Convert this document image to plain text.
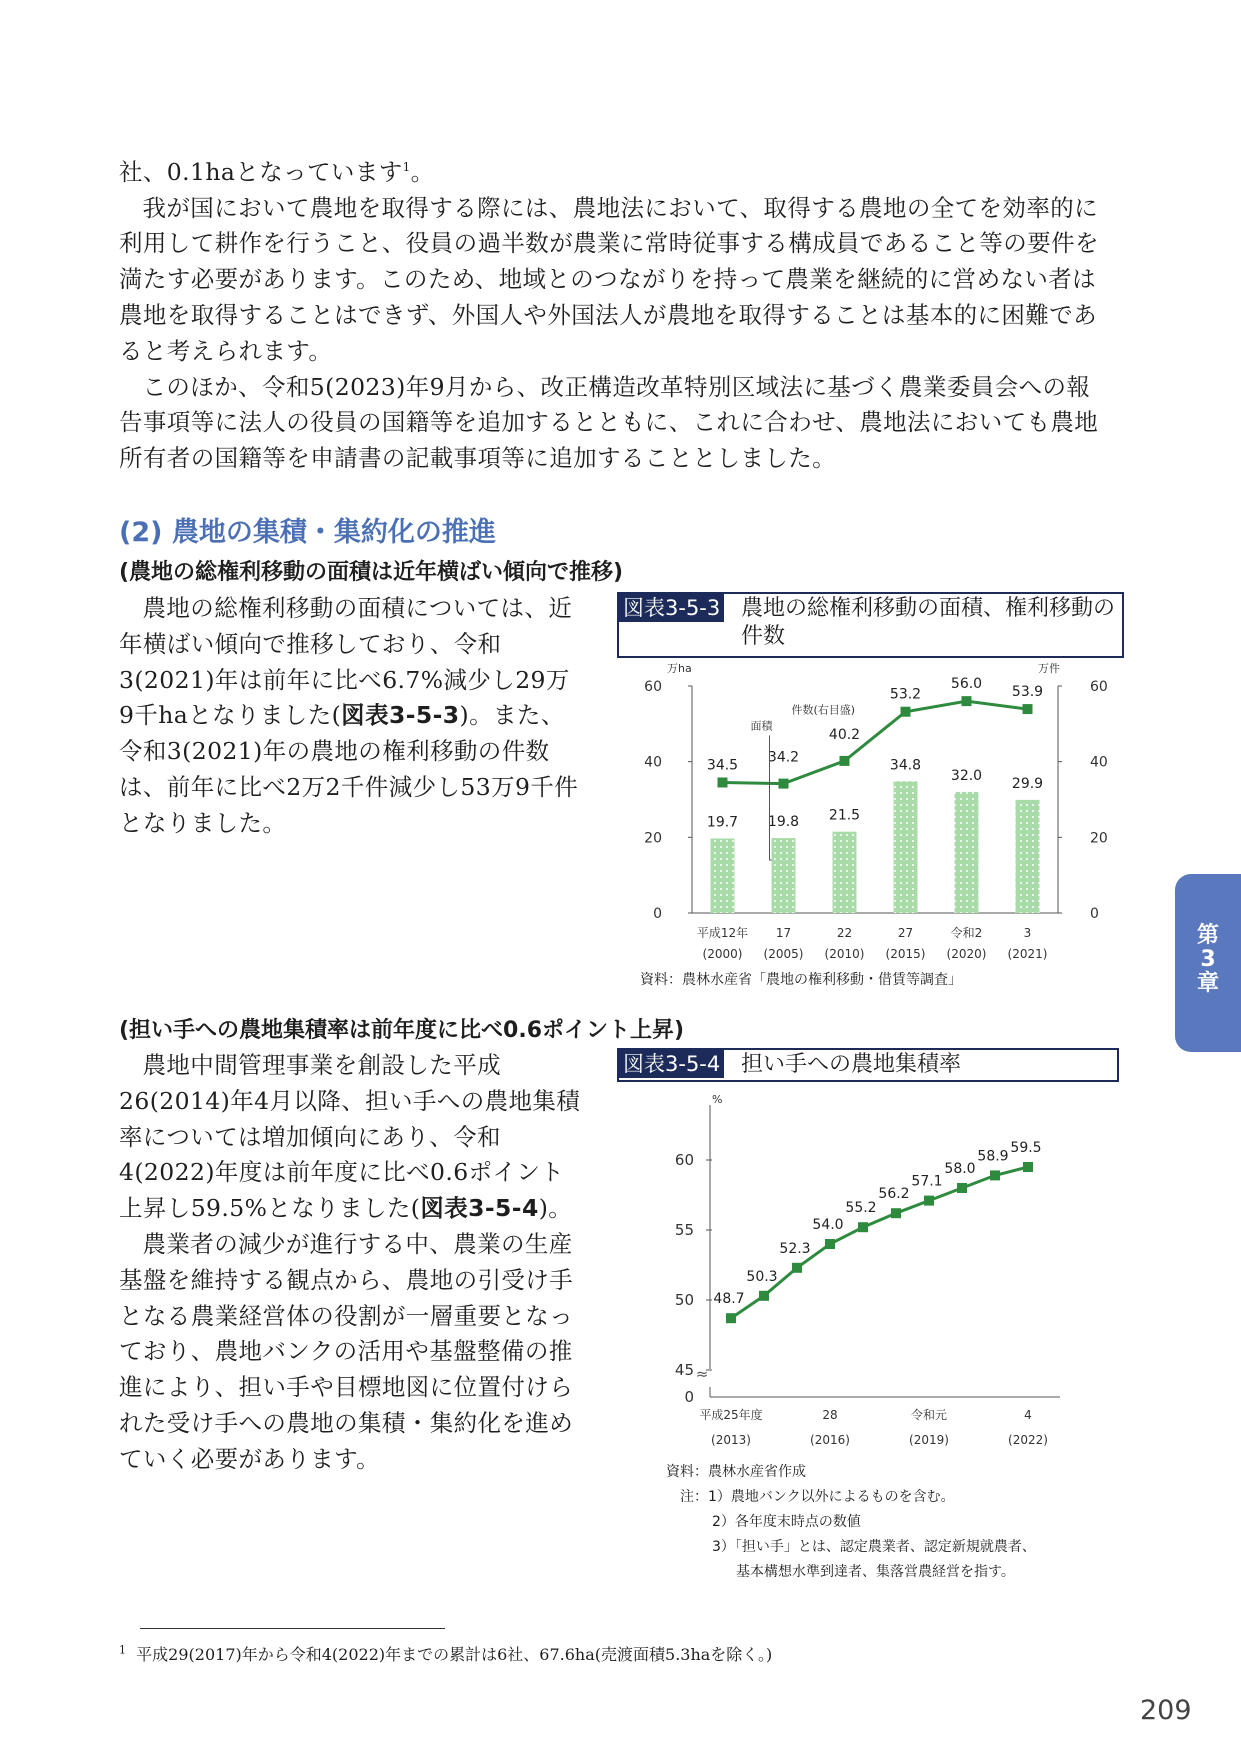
社、0.1haとなっています$^1$。

我が国において農地を取得する際には、農地法において、取得する農地の全てを効率的に利用して耕作を行うこと、役員の過半数が農業に常時従事する構成員であること等の要件を満たす必要があります。このため、地域とのつながりを持って農業を継続的に営めない者は農地を取得することはできず、外国人や外国法人が農地を取得することは基本的に困難であると考えられます。

このほか、令和5(2023)年9月から、改正構造改革特別区域法に基づく農業委員会への報告事項等に法人の役員の国籍等を追加するとともに、これに合わせ、農地法においても農地所有者の国籍等を申請書の記載事項等に追加することとしました。

(2) 農地の集積・集約化の推進
(農地の総権利移動の面積は近年横ばい傾向で推移)

農地の総権利移動の面積については、近年横ばい傾向で推移しており、令和3(2021)年は前年に比べ6.7%減少し29万9千haとなりました(図表3-5-3)。また、令和3(2021)年の農地の権利移動の件数は、前年に比べ2万2千件減少し53万9千件となりました。

図表3-5-3 農地の総権利移動の面積、権利移動の件数
万ha	万件
0	0
20	20
40	40
60	60
19.7 19.8 21.5
34.8
32.0 29.9
34.5 34.2
40.2
53.2
56.0 53.9
面積
件数(右目盛)
平成12年
(2000)
17
(2005)
22
(2010)
27
(2015)
令和2
(2020)
3
(2021)
資料：農林水産省「農地の権利移動・借賃等調査」
(担い手への農地集積率は前年度に比べ0.6ポイント上昇)

農地中間管理事業を創設した平成26(2014)年4月以降、担い手への農地集積率については増加傾向にあり、令和4(2022)年度は前年度に比べ0.6ポイント上昇し59.5%となりました(図表3-5-4)。

農業者の減少が進行する中、農業の生産基盤を維持する観点から、農地の引受け手となる農業経営体の役割が一層重要となっており、農地バンクの活用や基盤整備の推進により、担い手や目標地図に位置付けられた受け手への農地の集積・集約化を進めていく必要があります。

図表3-5-4 担い手への農地集積率
≈
%
0
45
50
55
60
48.7
50.3
52.3
54.0
55.2
56.2
57.1
58.0
58.9
59.5
平成25年度
(2013)
28
(2016)
令和元
(2019)
4
(2022)
資料：農林水産省作成
注：1）農地バンク以外によるものを含む。
2）各年度末時点の数値
3）「担い手」とは、認定農業者、認定新規就農者、
基本構想水準到達者、集落営農経営を指す。
第
3
章
$^1$ 平成29(2017)年から令和4(2022)年までの累計は6社、67.6ha(売渡面積5.3haを除く。)
209
